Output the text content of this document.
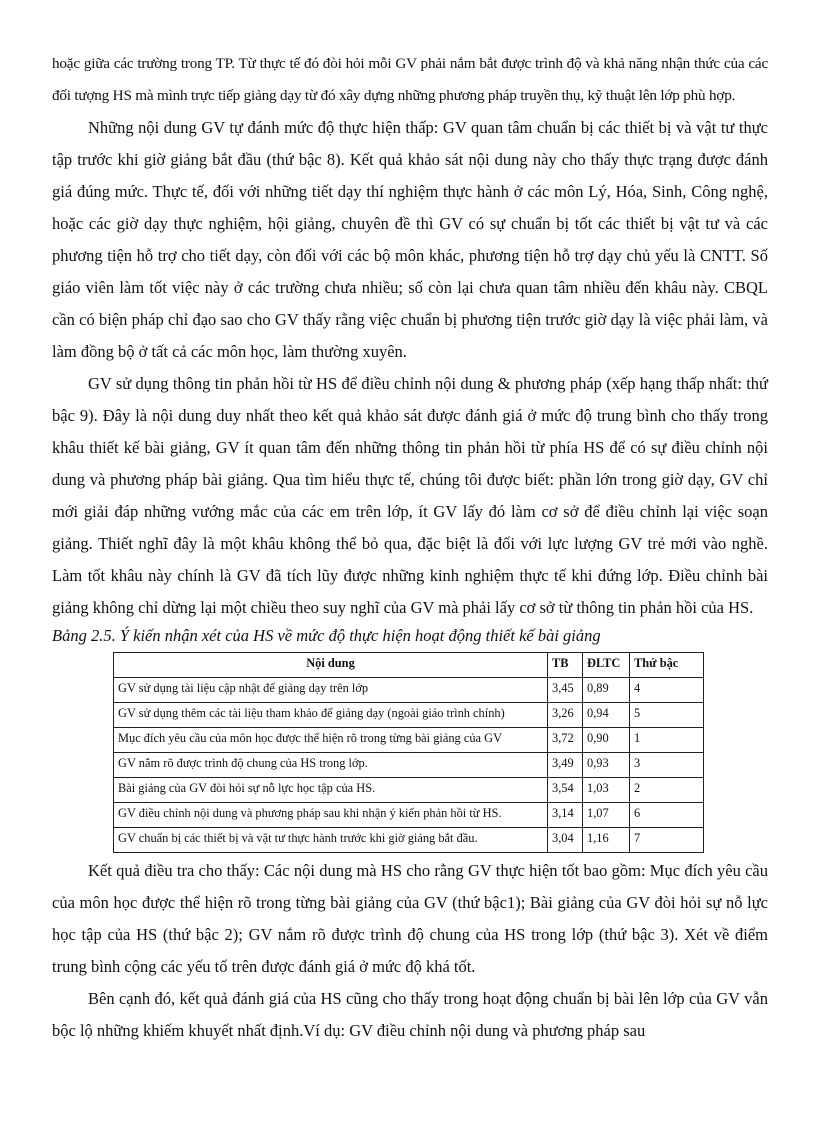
hoặc giữa các trường trong TP. Từ thực tế đó đòi hỏi mỗi GV phải nắm bắt được trình độ và khả năng nhận thức của các đối tượng HS mà mình trực tiếp giảng dạy từ đó xây dựng những phương pháp truyền thụ, kỹ thuật lên lớp phù hợp.

Những nội dung GV tự đánh mức độ thực hiện thấp: GV quan tâm chuẩn bị các thiết bị và vật tư thực tập trước khi giờ giảng bắt đầu (thứ bậc 8). Kết quả khảo sát nội dung này cho thấy thực trạng được đánh giá đúng mức. Thực tế, đối với những tiết dạy thí nghiệm thực hành ở các môn Lý, Hóa, Sinh, Công nghệ, hoặc các giờ dạy thực nghiệm, hội giảng, chuyên đề thì GV có sự chuẩn bị tốt các thiết bị vật tư và các phương tiện hỗ trợ cho tiết dạy, còn đối với các bộ môn khác, phương tiện hỗ trợ dạy chủ yếu là CNTT. Số giáo viên làm tốt việc này ở các trường chưa nhiều; số còn lại chưa quan tâm nhiều đến khâu này. CBQL cần có biện pháp chỉ đạo sao cho GV thấy rằng việc chuẩn bị phương tiện trước giờ dạy là việc phải làm, và làm đồng bộ ở tất cả các môn học, làm thường xuyên.

GV sử dụng thông tin phản hồi từ HS để điều chỉnh nội dung & phương pháp (xếp hạng thấp nhất: thứ bậc 9). Đây là nội dung duy nhất theo kết quả khảo sát được đánh giá ở mức độ trung bình cho thấy trong khâu thiết kế bài giảng, GV ít quan tâm đến những thông tin phản hồi từ phía HS để có sự điều chỉnh nội dung và phương pháp bài giảng. Qua tìm hiểu thực tế, chúng tôi được biết: phần lớn trong giờ dạy, GV chỉ mới giải đáp những vướng mắc của các em trên lớp, ít GV lấy đó làm cơ sở để điều chỉnh lại việc soạn giảng. Thiết nghĩ đây là một khâu không thể bỏ qua, đặc biệt là đối với lực lượng GV trẻ mới vào nghề. Làm tốt khâu này chính là GV đã tích lũy được những kinh nghiệm thực tế khi đứng lớp. Điều chỉnh bài giảng không chỉ dừng lại một chiều theo suy nghĩ của GV mà phải lấy cơ sở từ thông tin phản hồi của HS.

Bảng 2.5. Ý kiến nhận xét của HS về mức độ thực hiện hoạt động thiết kế bài giảng

Nội dung	TB	ĐLTC	Thứ bậc
GV sử dụng tài liệu cập nhật để giảng dạy trên lớp	3,45	0,89	4
GV sử dụng thêm các tài liệu tham khảo để giảng dạy (ngoài giáo trình chính)	3,26	0,94	5
Mục đích yêu cầu của môn học được thể hiện rõ trong từng bài giảng của GV	3,72	0,90	1
GV nắm rõ được trình độ chung của HS trong lớp.	3,49	0,93	3
Bài giảng của GV đòi hỏi sự nỗ lực học tập của HS.	3,54	1,03	2
GV điều chỉnh nội dung và phương pháp sau khi nhận ý kiến phản hồi từ HS.	3,14	1,07	6
GV chuẩn bị các thiết bị và vật tư thực hành trước khi giờ giảng bắt đầu.	3,04	1,16	7

Kết quả điều tra cho thấy: Các nội dung mà HS cho rằng GV thực hiện tốt bao gồm: Mục đích yêu cầu của môn học được thể hiện rõ trong từng bài giảng của GV (thứ bậc1); Bài giảng của GV đòi hỏi sự nỗ lực học tập của HS (thứ bậc 2); GV nắm rõ được trình độ chung của HS trong lớp (thứ bậc 3). Xét về điểm trung bình cộng các yếu tố trên được đánh giá ở mức độ khá tốt.

Bên cạnh đó, kết quả đánh giá của HS cũng cho thấy trong hoạt động chuẩn bị bài lên lớp của GV vẫn bộc lộ những khiếm khuyết nhất định.Ví dụ: GV điều chỉnh nội dung và phương pháp sau
